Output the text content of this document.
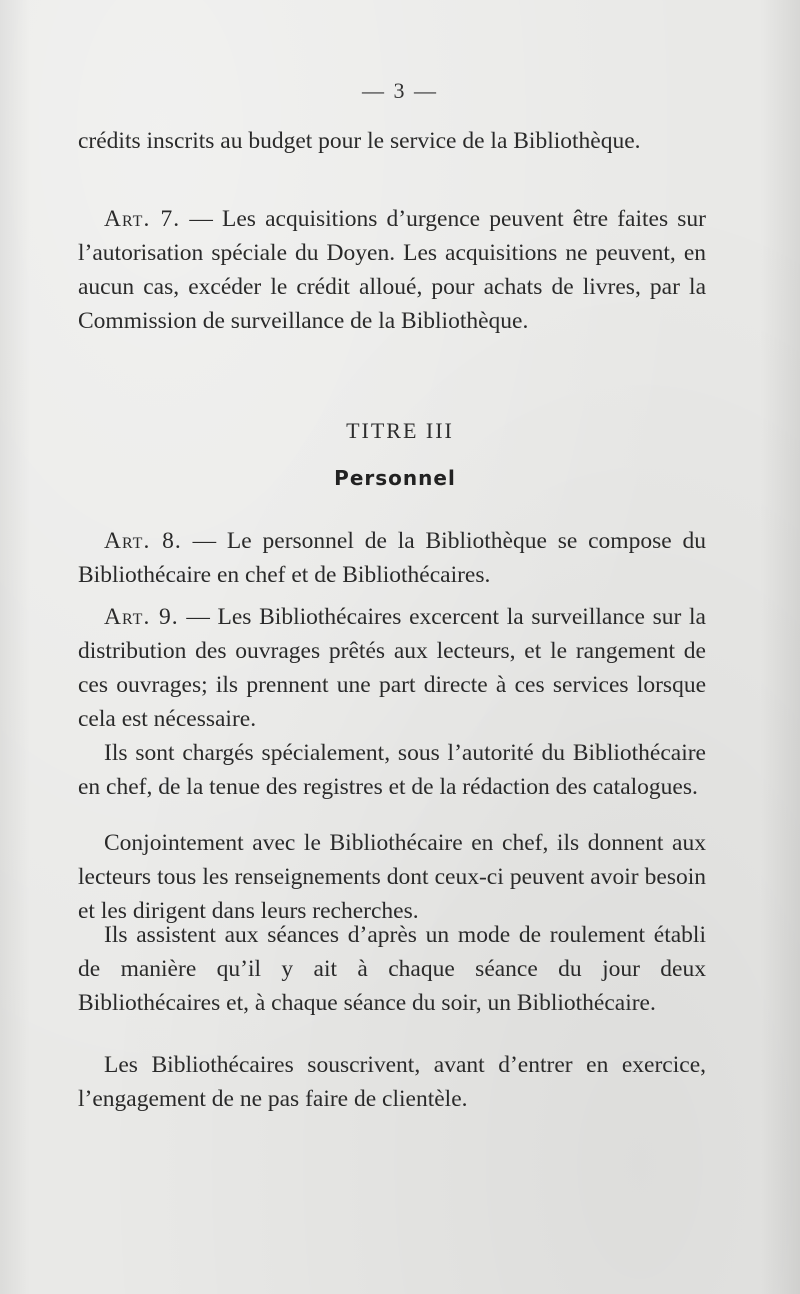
— 3 —

crédits inscrits au budget pour le service de la Bibliothèque.

Art. 7. — Les acquisitions d’urgence peuvent être faites sur l’autorisation spéciale du Doyen. Les acquisitions ne peuvent, en aucun cas, excéder le crédit alloué, pour achats de livres, par la Commission de surveillance de la Bibliothèque.

TITRE III
Personnel

Art. 8. — Le personnel de la Bibliothèque se compose du Bibliothécaire en chef et de Bibliothécaires.

Art. 9. — Les Bibliothécaires excercent la surveillance sur la distribution des ouvrages prêtés aux lecteurs, et le rangement de ces ouvrages; ils prennent une part directe à ces services lorsque cela est nécessaire.

Ils sont chargés spécialement, sous l’autorité du Bibliothécaire en chef, de la tenue des registres et de la rédaction des catalogues.

Conjointement avec le Bibliothécaire en chef, ils donnent aux lecteurs tous les renseignements dont ceux-ci peuvent avoir besoin et les dirigent dans leurs recherches.

Ils assistent aux séances d’après un mode de roulement établi de manière qu’il y ait à chaque séance du jour deux Bibliothécaires et, à chaque séance du soir, un Bibliothécaire.

Les Bibliothécaires souscrivent, avant d’entrer en exercice, l’engagement de ne pas faire de clientèle.
